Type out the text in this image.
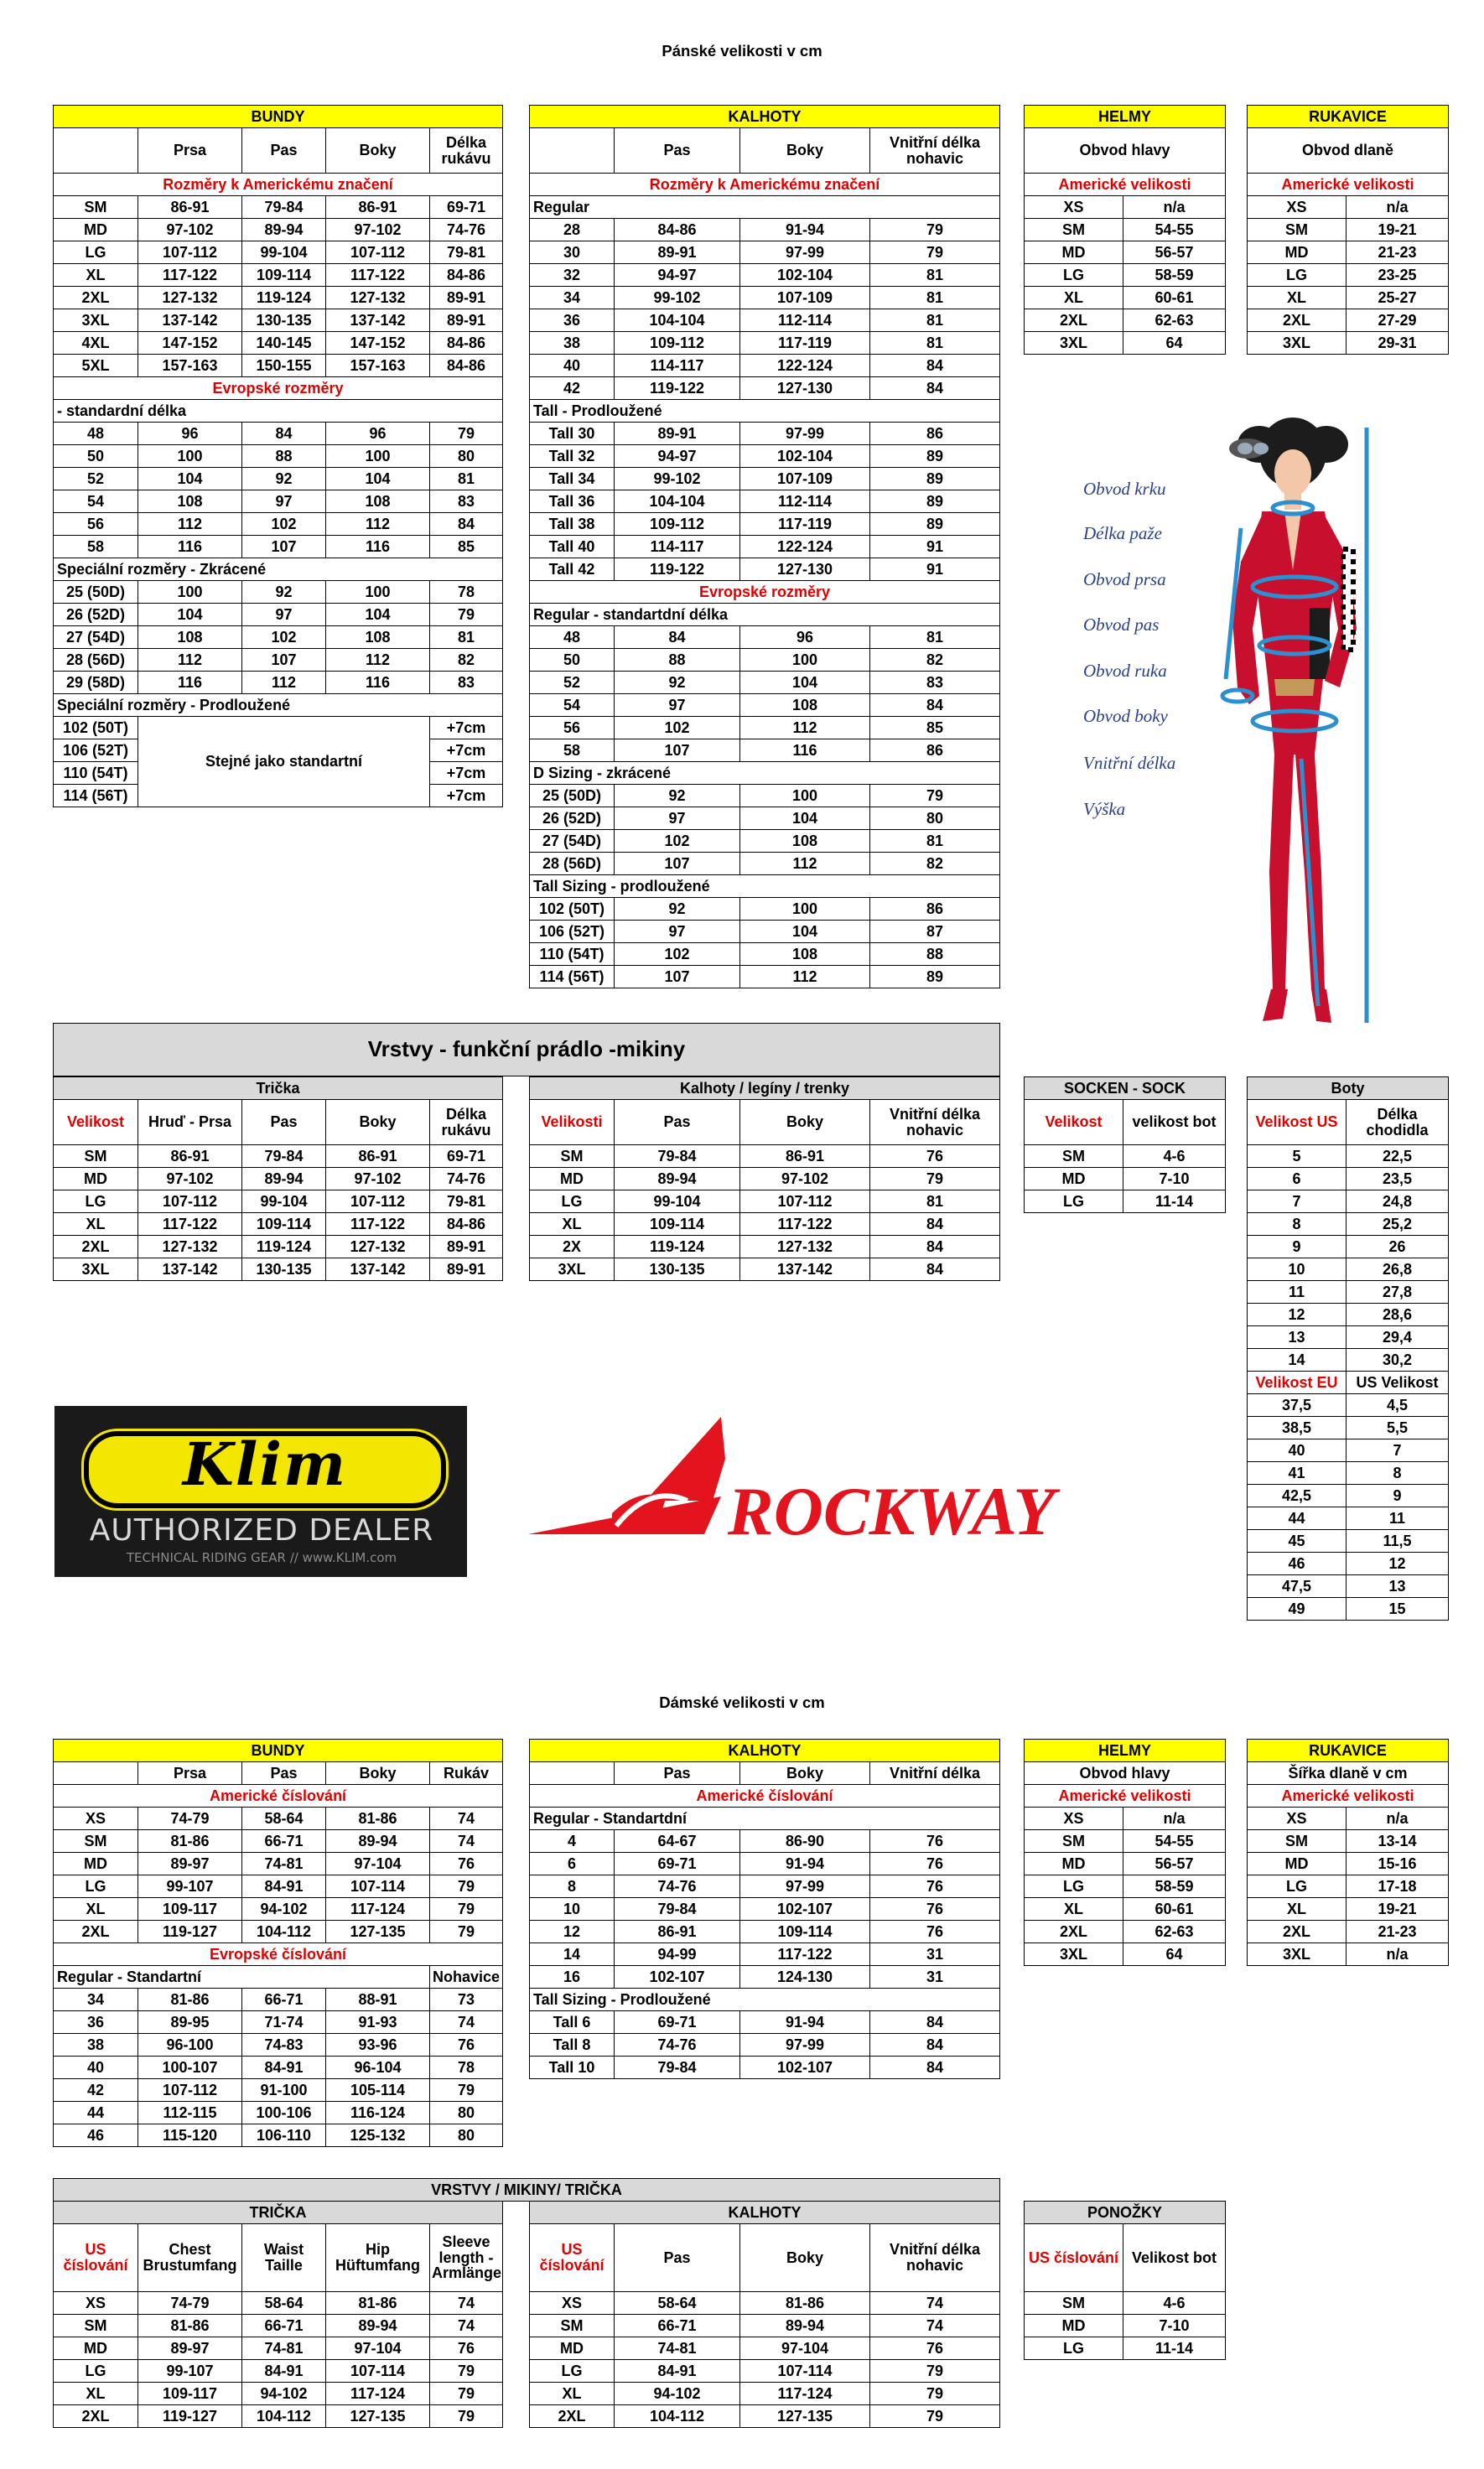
Pánské velikosti v cm
BUNDY				
	Prsa	Pas	Boky	Délka rukávu
Rozměry k Americkému značení				
SM	86-91	79-84	86-91	69-71
MD	97-102	89-94	97-102	74-76
LG	107-112	99-104	107-112	79-81
XL	117-122	109-114	117-122	84-86
2XL	127-132	119-124	127-132	89-91
3XL	137-142	130-135	137-142	89-91
4XL	147-152	140-145	147-152	84-86
5XL	157-163	150-155	157-163	84-86
Evropské rozměry				
- standardní délka				
48	96	84	96	79
50	100	88	100	80
52	104	92	104	81
54	108	97	108	83
56	112	102	112	84
58	116	107	116	85
Speciální rozměry - Zkrácené				
25 (50D)	100	92	100	78
26 (52D)	104	97	104	79
27 (54D)	108	102	108	81
28 (56D)	112	107	112	82
29 (58D)	116	112	116	83
Speciální rozměry - Prodloužené				
102 (50T)	Stejné jako standartní			+7cm
106 (52T)				+7cm
110 (54T)				+7cm
114 (56T)				+7cm
KALHOTY			
	Pas	Boky	Vnitřní délka nohavic
Rozměry k Americkému značení			
Regular			
28	84-86	91-94	79
30	89-91	97-99	79
32	94-97	102-104	81
34	99-102	107-109	81
36	104-104	112-114	81
38	109-112	117-119	81
40	114-117	122-124	84
42	119-122	127-130	84
Tall - Prodloužené			
Tall 30	89-91	97-99	86
Tall 32	94-97	102-104	89
Tall 34	99-102	107-109	89
Tall 36	104-104	112-114	89
Tall 38	109-112	117-119	89
Tall 40	114-117	122-124	91
Tall 42	119-122	127-130	91
Evropské rozměry			
Regular - standartdní délka			
48	84	96	81
50	88	100	82
52	92	104	83
54	97	108	84
56	102	112	85
58	107	116	86
D Sizing - zkrácené			
25 (50D)	92	100	79
26 (52D)	97	104	80
27 (54D)	102	108	81
28 (56D)	107	112	82
Tall Sizing - prodloužené			
102 (50T)	92	100	86
106 (52T)	97	104	87
110 (54T)	102	108	88
114 (56T)	107	112	89
HELMY	
Obvod hlavy	
Americké velikosti	
XS	n/a
SM	54-55
MD	56-57
LG	58-59
XL	60-61
2XL	62-63
3XL	64
RUKAVICE	
Obvod dlaně	
Americké velikosti	
XS	n/a
SM	19-21
MD	21-23
LG	23-25
XL	25-27
2XL	27-29
3XL	29-31
Obvod krku
Délka paže
Obvod prsa
Obvod pas
Obvod ruka
Obvod boky
Vnitřní délka
Výška
Vrstvy - funkční prádlo -mikiny
Trička				
Velikost	Hruď - Prsa	Pas	Boky	Délka rukávu
SM	86-91	79-84	86-91	69-71
MD	97-102	89-94	97-102	74-76
LG	107-112	99-104	107-112	79-81
XL	117-122	109-114	117-122	84-86
2XL	127-132	119-124	127-132	89-91
3XL	137-142	130-135	137-142	89-91
Kalhoty / legíny / trenky			
Velikosti	Pas	Boky	Vnitřní délka nohavic
SM	79-84	86-91	76
MD	89-94	97-102	79
LG	99-104	107-112	81
XL	109-114	117-122	84
2X	119-124	127-132	84
3XL	130-135	137-142	84
SOCKEN - SOCK	
Velikost	velikost bot
SM	4-6
MD	7-10
LG	11-14
Boty	
Velikost US	Délka chodidla
5	22,5
6	23,5
7	24,8
8	25,2
9	26
10	26,8
11	27,8
12	28,6
13	29,4
14	30,2
Velikost EU	US Velikost
37,5	4,5
38,5	5,5
40	7
41	8
42,5	9
44	11
45	11,5
46	12
47,5	13
49	15
Klim
AUTHORIZED DEALER
TECHNICAL RIDING GEAR // www.KLIM.com
ROCKWAY
Dámské velikosti v cm
BUNDY				
	Prsa	Pas	Boky	Rukáv
Americké číslování				
XS	74-79	58-64	81-86	74
SM	81-86	66-71	89-94	74
MD	89-97	74-81	97-104	76
LG	99-107	84-91	107-114	79
XL	109-117	94-102	117-124	79
2XL	119-127	104-112	127-135	79
Evropské číslování				
Regular - Standartní				Nohavice
34	81-86	66-71	88-91	73
36	89-95	71-74	91-93	74
38	96-100	74-83	93-96	76
40	100-107	84-91	96-104	78
42	107-112	91-100	105-114	79
44	112-115	100-106	116-124	80
46	115-120	106-110	125-132	80
KALHOTY			
	Pas	Boky	Vnitřní délka
Americké číslování			
Regular - Standartdní			
4	64-67	86-90	76
6	69-71	91-94	76
8	74-76	97-99	76
10	79-84	102-107	76
12	86-91	109-114	76
14	94-99	117-122	31
16	102-107	124-130	31
Tall Sizing - Prodloužené			
Tall 6	69-71	91-94	84
Tall 8	74-76	97-99	84
Tall 10	79-84	102-107	84
HELMY	
Obvod hlavy	
Americké velikosti	
XS	n/a
SM	54-55
MD	56-57
LG	58-59
XL	60-61
2XL	62-63
3XL	64
RUKAVICE	
Šířka dlaně v cm	
Americké velikosti	
XS	n/a
SM	13-14
MD	15-16
LG	17-18
XL	19-21
2XL	21-23
3XL	n/a
VRSTVY / MIKINY/ TRIČKA
TRIČKA				
US číslování	Chest Brustumfang	Waist Taille	Hip Hüftumfang	Sleeve length - Armlänge
XS	74-79	58-64	81-86	74
SM	81-86	66-71	89-94	74
MD	89-97	74-81	97-104	76
LG	99-107	84-91	107-114	79
XL	109-117	94-102	117-124	79
2XL	119-127	104-112	127-135	79
KALHOTY			
US číslování	Pas	Boky	Vnitřní délka nohavic
XS	58-64	81-86	74
SM	66-71	89-94	74
MD	74-81	97-104	76
LG	84-91	107-114	79
XL	94-102	117-124	79
2XL	104-112	127-135	79
PONOŽKY	
US číslování	Velikost bot
SM	4-6
MD	7-10
LG	11-14
